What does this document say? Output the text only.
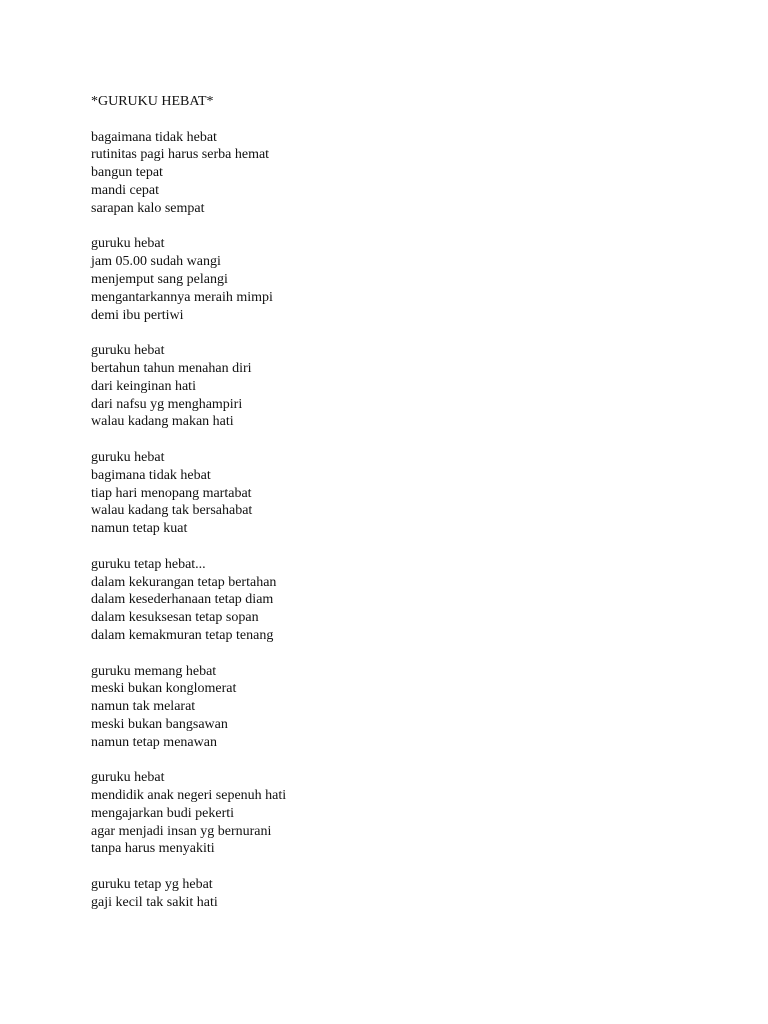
*GURUKU HEBAT*
bagaimana tidak hebat
rutinitas pagi harus serba hemat
bangun tepat
mandi cepat
sarapan kalo sempat
guruku hebat
jam 05.00 sudah wangi
menjemput sang pelangi
mengantarkannya meraih mimpi
demi ibu pertiwi
guruku hebat
bertahun tahun menahan diri
dari keinginan hati
dari nafsu yg menghampiri
walau kadang makan hati
guruku hebat
bagimana tidak hebat
tiap hari menopang martabat
walau kadang tak bersahabat
namun tetap kuat
guruku tetap hebat...
dalam kekurangan tetap bertahan
dalam kesederhanaan tetap diam
dalam kesuksesan tetap sopan
dalam kemakmuran tetap tenang
guruku memang hebat
meski bukan konglomerat
namun tak melarat
meski bukan bangsawan
namun tetap menawan
guruku hebat
mendidik anak negeri sepenuh hati
mengajarkan budi pekerti
agar menjadi insan yg bernurani
tanpa harus menyakiti
guruku tetap yg hebat
gaji kecil tak sakit hati
